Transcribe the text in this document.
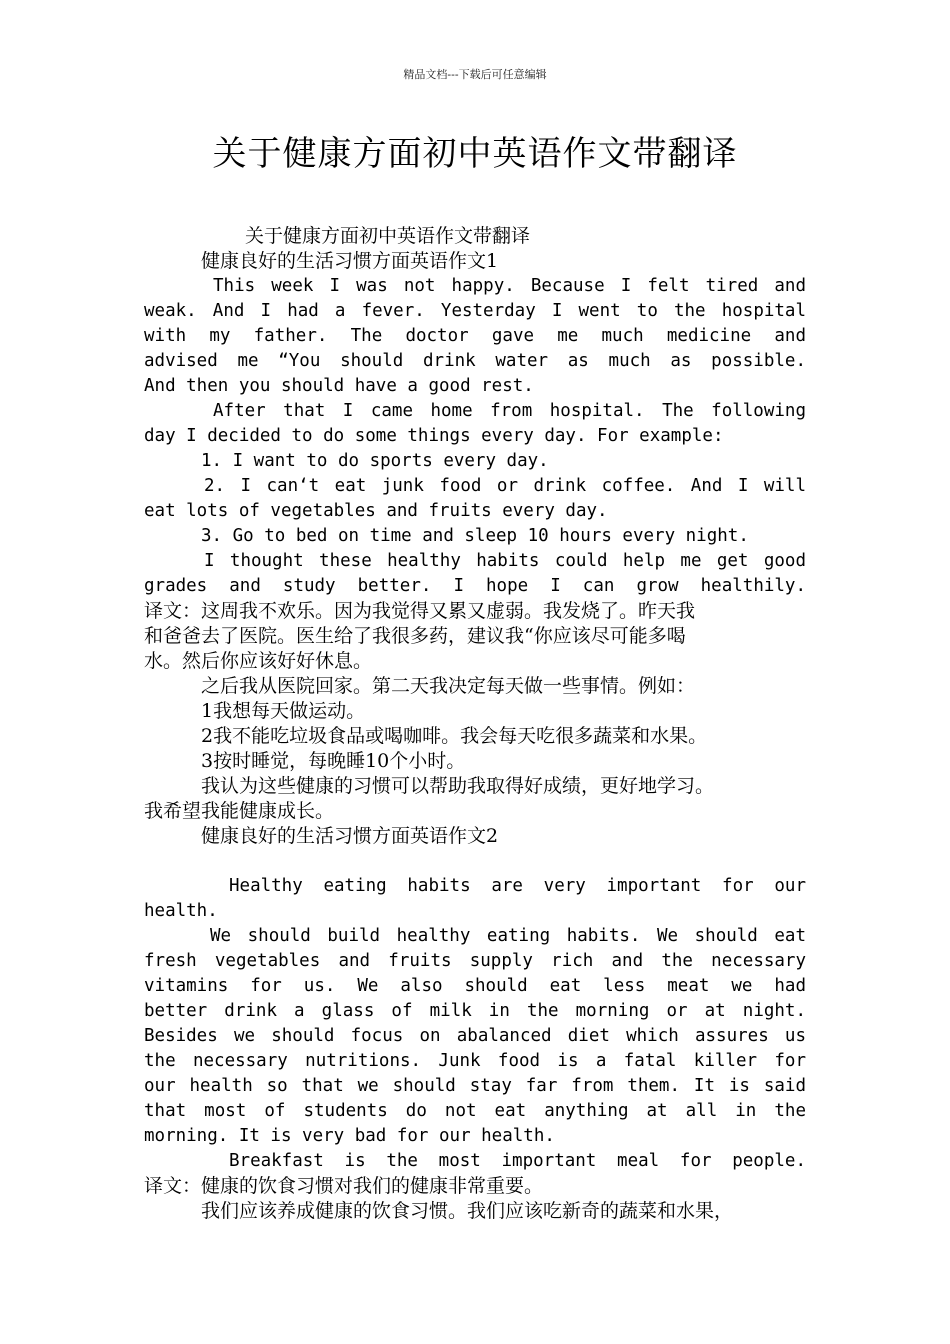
精品文档---下载后可任意编辑
关于健康方面初中英语作文带翻译
关于健康方面初中英语作文带翻译
健康良好的生活习惯方面英语作文1
This week I was not happy. Because I felt tired and
weak. And I had a fever. Yesterday I went to the hospital
with my father. The doctor gave me much medicine and
advised me “You should drink water as much as possible.
And then you should have a good rest.
After that I came home from hospital. The following
day I decided to do some things every day. For example:
1. I want to do sports every day.
2. I can‘t eat junk food or drink coffee. And I will
eat lots of vegetables and fruits every day.
3. Go to bed on time and sleep 10 hours every night.
I thought these healthy habits could help me get good
grades and study better. I hope I can grow healthily.
译文：这周我不欢乐。因为我觉得又累又虚弱。我发烧了。昨天我
和爸爸去了医院。医生给了我很多药，建议我“你应该尽可能多喝
水。然后你应该好好休息。
之后我从医院回家。第二天我决定每天做一些事情。例如：
1我想每天做运动。
2我不能吃垃圾食品或喝咖啡。我会每天吃很多蔬菜和水果。
3按时睡觉，每晚睡10个小时。
我认为这些健康的习惯可以帮助我取得好成绩，更好地学习。
我希望我能健康成长。
健康良好的生活习惯方面英语作文2
Healthy eating habits are very important for our
health.
We should build healthy eating habits. We should eat
fresh vegetables and fruits supply rich and the necessary
vitamins for us. We also should eat less meat we had
better drink a glass of milk in the morning or at night.
Besides we should focus on abalanced diet which assures us
the necessary nutritions. Junk food is a fatal killer for
our health so that we should stay far from them. It is said
that most of students do not eat anything at all in the
morning. It is very bad for our health.
Breakfast is the most important meal for people.
译文：健康的饮食习惯对我们的健康非常重要。
我们应该养成健康的饮食习惯。我们应该吃新奇的蔬菜和水果，
